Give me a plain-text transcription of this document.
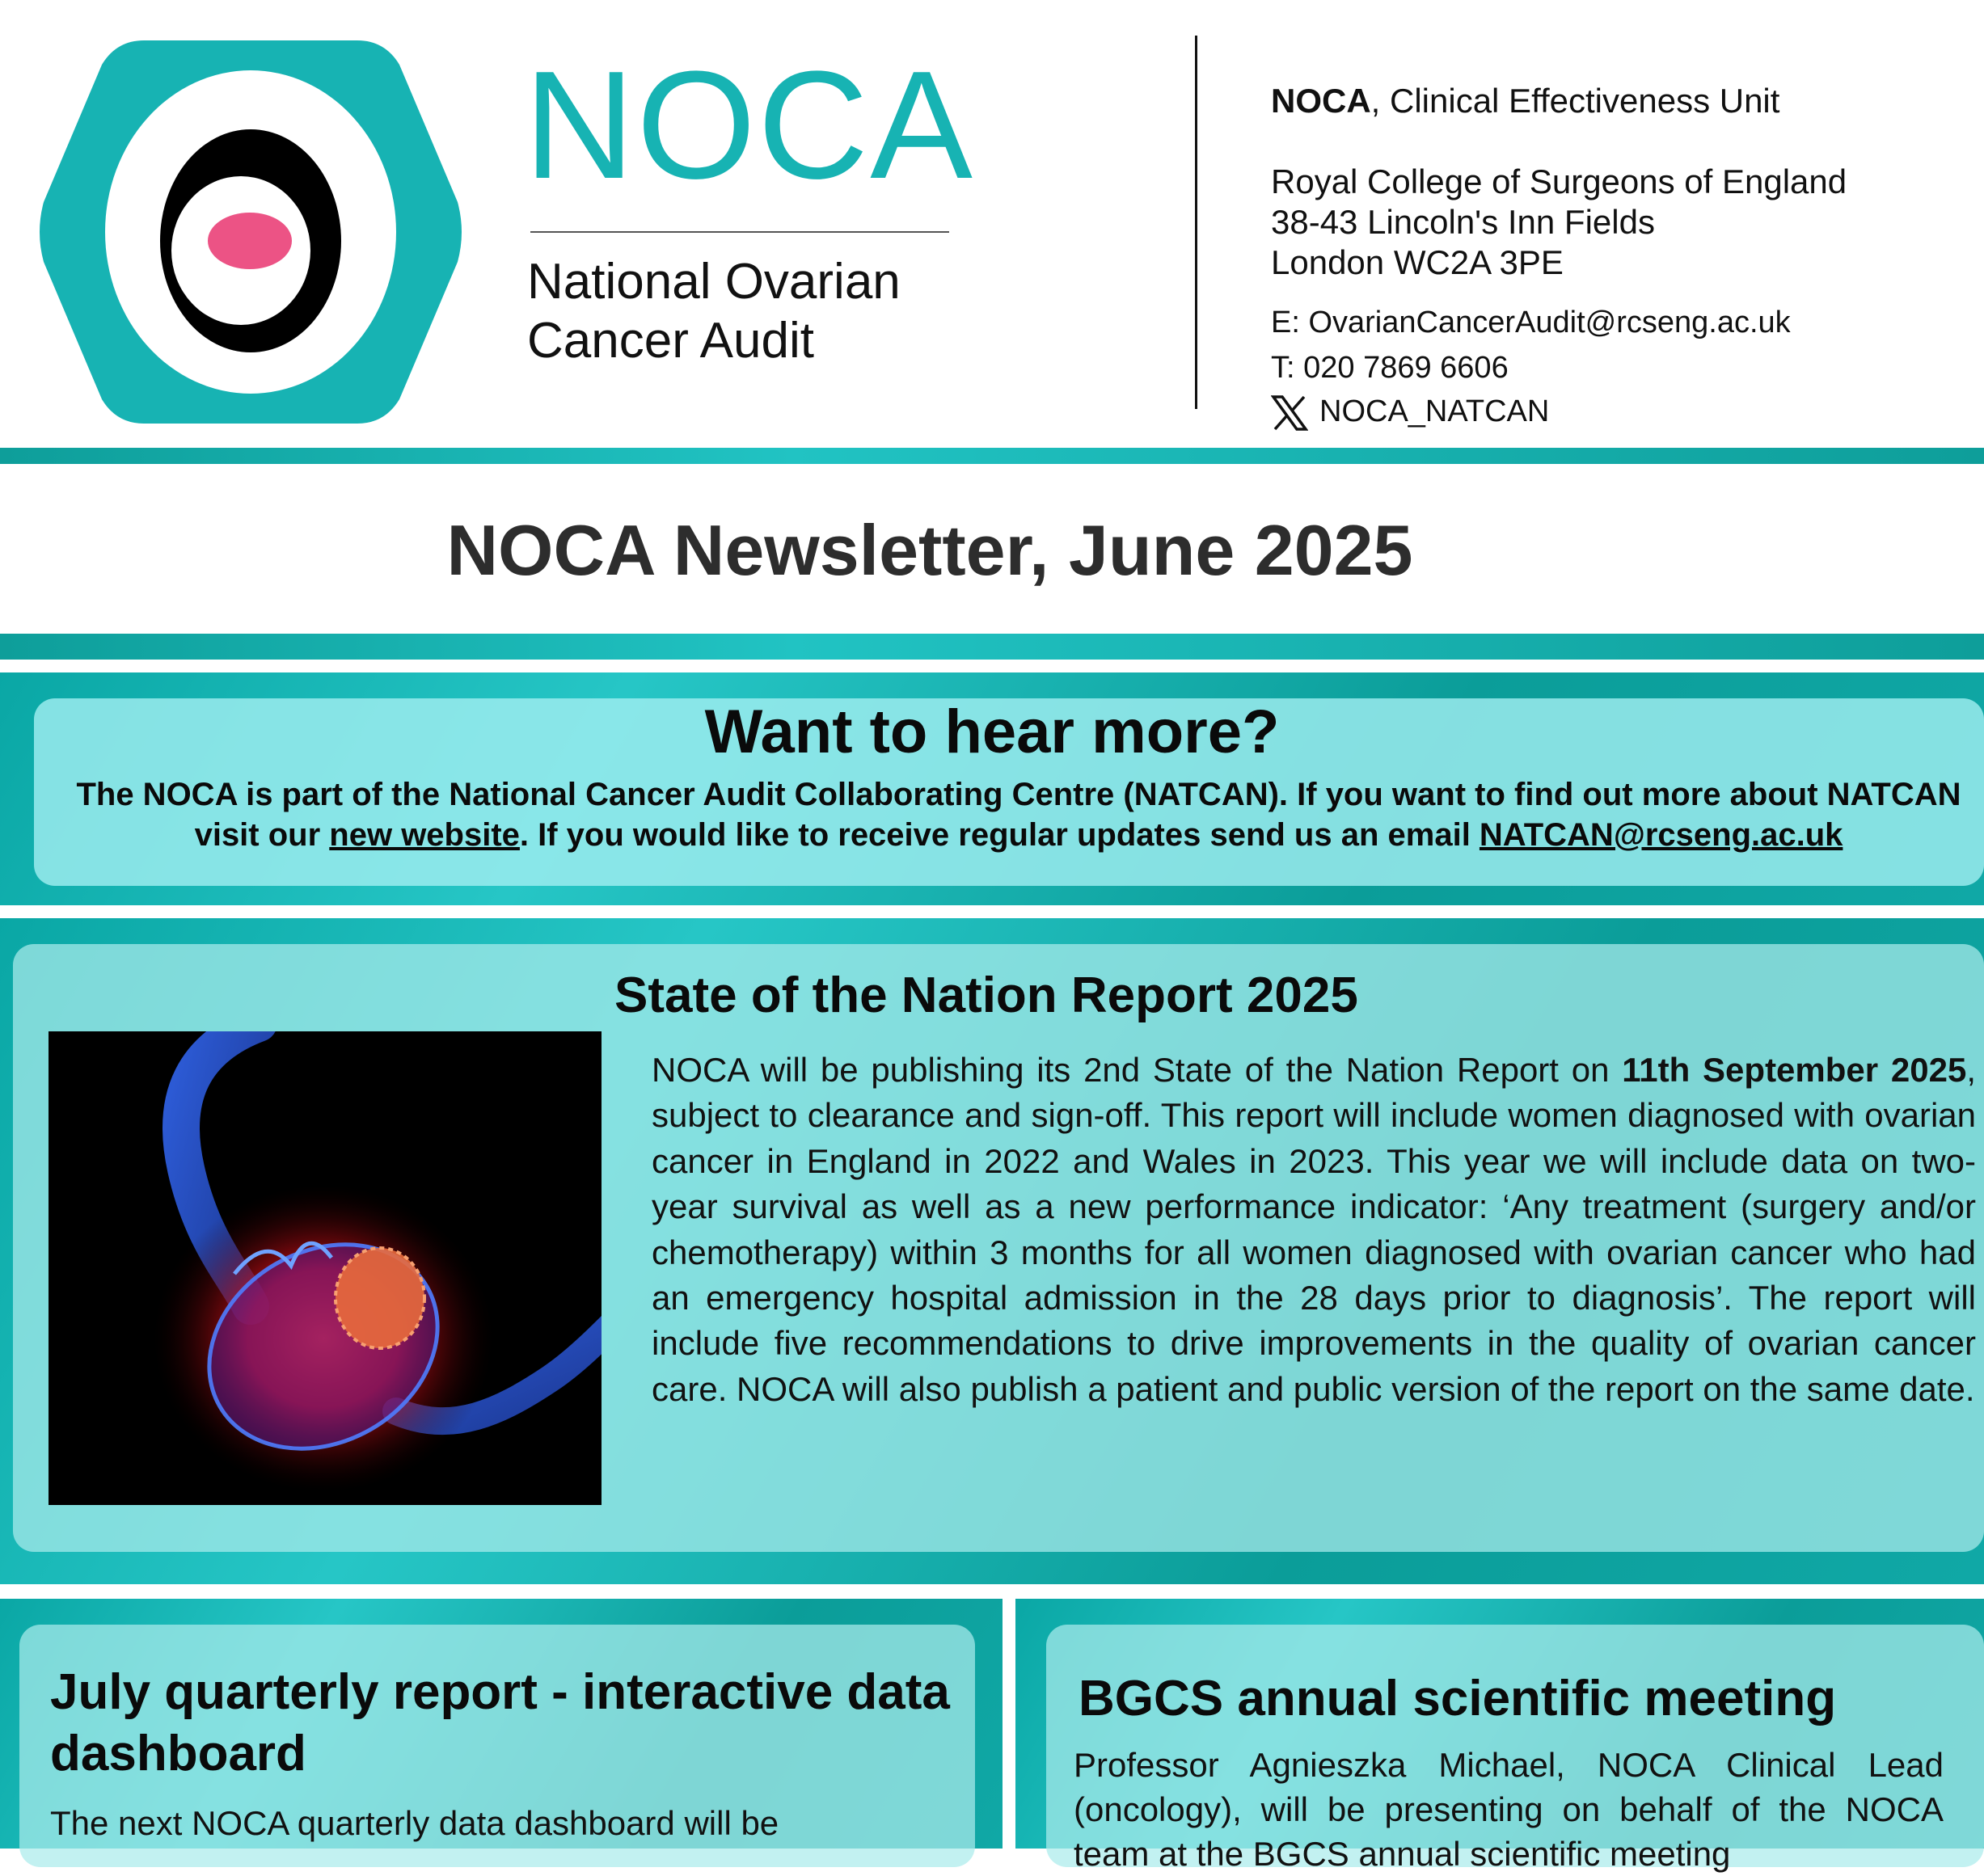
NOCA
National Ovarian
Cancer Audit
NOCA, Clinical Effectiveness Unit
Royal College of Surgeons of England
38-43 Lincoln's Inn Fields
London WC2A 3PE
E: OvarianCancerAudit@rcseng.ac.uk
T: 020 7869 6606
NOCA_NATCAN
NOCA Newsletter, June 2025
Want to hear more?
The NOCA is part of the National Cancer Audit Collaborating Centre (NATCAN). If you want to find out more about NATCAN visit our new website. If you would like to receive regular updates send us an email NATCAN@rcseng.ac.uk
State of the Nation Report 2025
NOCA will be publishing its 2nd State of the Nation Report on 11th September 2025, subject to clearance and sign-off. This report will include women diagnosed with ovarian cancer in England in 2022 and Wales in 2023. This year we will include data on two-year survival as well as a new performance indicator: ‘Any treatment (surgery and/or chemotherapy) within 3 months for all women diagnosed with ovarian cancer who had an emergency hospital admission in the 28 days prior to diagnosis’. The report will include five recommendations to drive improvements in the quality of ovarian cancer care. NOCA will also publish a patient and public version of the report on the same date.
July quarterly report - interactive data dashboard
The next NOCA quarterly data dashboard will be
BGCS annual scientific meeting
Professor Agnieszka Michael, NOCA Clinical Lead (oncology), will be presenting on behalf of the NOCA team at the BGCS annual scientific meeting
